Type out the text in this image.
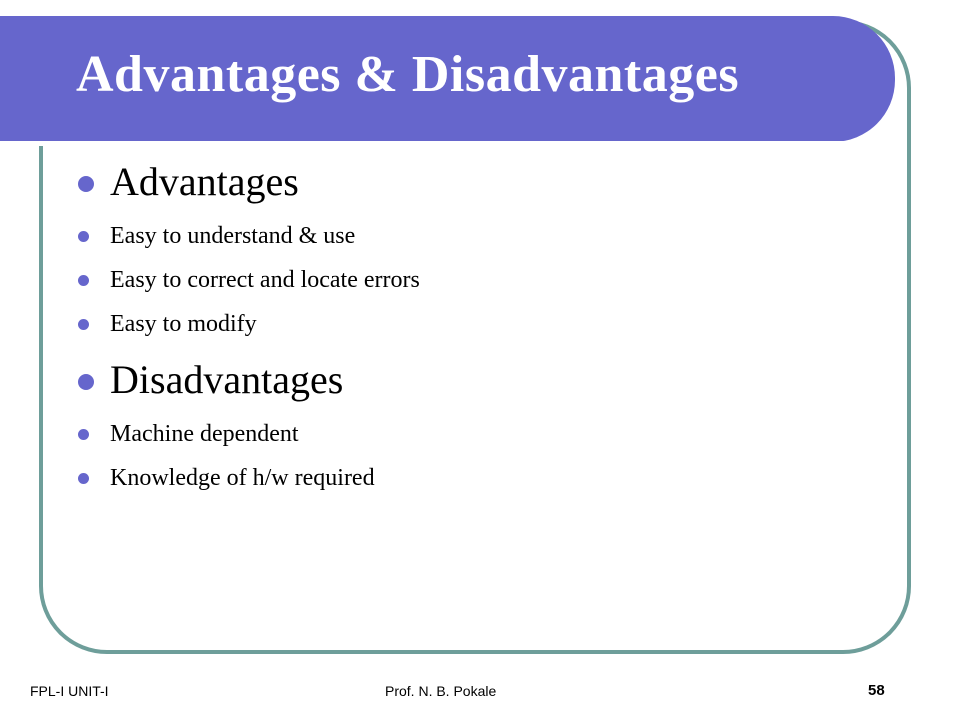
Advantages & Disadvantages
Advantages
Easy to understand & use
Easy to correct and locate errors
Easy to modify
Disadvantages
Machine dependent
Knowledge of h/w required
FPL-I UNIT-I	Prof. N. B. Pokale	58
